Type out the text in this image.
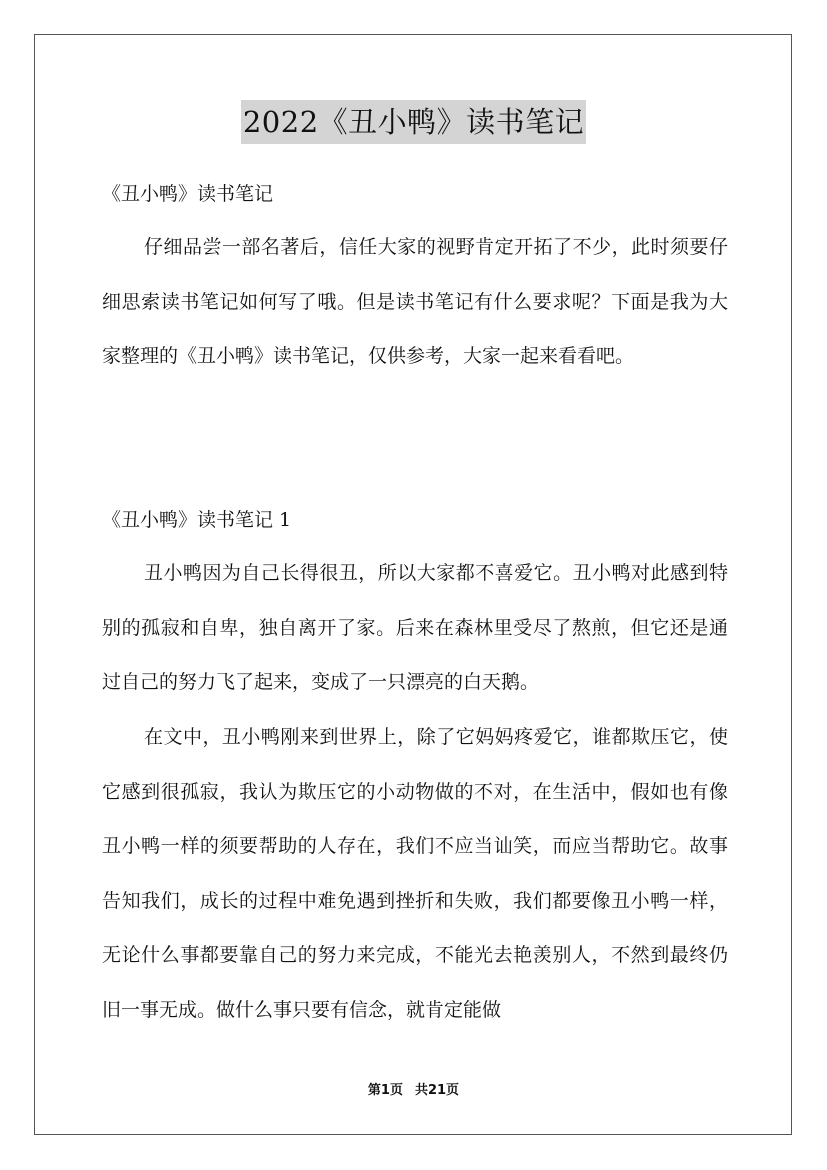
2022《丑小鸭》读书笔记
《丑小鸭》读书笔记

仔细品尝一部名著后，信任大家的视野肯定开拓了不少，此时须要仔细思索读书笔记如何写了哦。但是读书笔记有什么要求呢？下面是我为大家整理的《丑小鸭》读书笔记，仅供参考，大家一起来看看吧。

《丑小鸭》读书笔记 1

丑小鸭因为自己长得很丑，所以大家都不喜爱它。丑小鸭对此感到特别的孤寂和自卑，独自离开了家。后来在森林里受尽了熬煎，但它还是通过自己的努力飞了起来，变成了一只漂亮的白天鹅。

在文中，丑小鸭刚来到世界上，除了它妈妈疼爱它，谁都欺压它，使它感到很孤寂，我认为欺压它的小动物做的不对，在生活中，假如也有像丑小鸭一样的须要帮助的人存在，我们不应当讪笑，而应当帮助它。故事告知我们，成长的过程中难免遇到挫折和失败，我们都要像丑小鸭一样，无论什么事都要靠自己的努力来完成，不能光去艳羡别人，不然到最终仍旧一事无成。做什么事只要有信念，就肯定能做

第1页 共21页
